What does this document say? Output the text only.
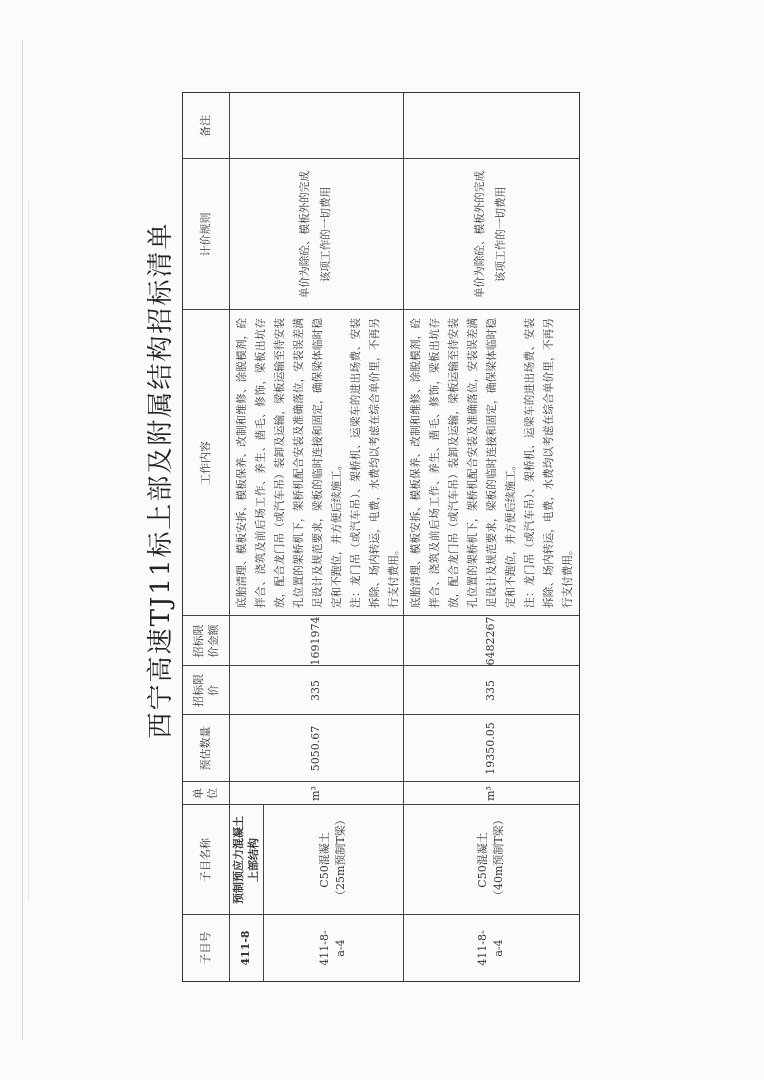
西宁高速TJ11标上部及附属结构招标清单
子目号
子目名称
单位
预估数量
招标限价
招标限价金额
工作内容
计价规则
备注
411-8
预制预应力混凝土上部结构
411-8-a-4
C50混凝土（25m预制T梁）
m³
5050.67
335
1691974

底胎清理、模板安拆、模板保养、改制和维修、涂脱模剂，砼拌合、浇筑及前后场工作、养生、凿毛、修饰，梁板出坑存放，配合龙门吊（或汽车吊）装卸及运输，梁板运输至待安装孔位置的架桥机下，架桥机配合安装及准确落位，安装误差满足设计及规范要求，梁板的临时连接和固定，确保梁体临时稳定和不跑位，并方便后续施工。 注：龙门吊（或汽车吊）、架桥机、运梁车的进出场费、安装拆除、场内转运，电费，水费均以考虑在综合单价里，不再另行支付费用。

单价为除砼、模板外的完成该项工作的一切费用
411-8-a-4
C50混凝土（40m预制T梁）
m³
19350.05
335
6482267

底胎清理、模板安拆、模板保养、改制和维修、涂脱模剂，砼拌合、浇筑及前后场工作、养生、凿毛、修饰，梁板出坑存放，配合龙门吊（或汽车吊）装卸及运输，梁板运输至待安装孔位置的架桥机下，架桥机配合安装及准确落位，安装误差满足设计及规范要求，梁板的临时连接和固定，确保梁体临时稳定和不跑位，并方便后续施工。 注：龙门吊（或汽车吊）、架桥机、运梁车的进出场费、安装拆除、场内转运，电费，水费均以考虑在综合单价里，不再另行支付费用。

单价为除砼、模板外的完成该项工作的一切费用
